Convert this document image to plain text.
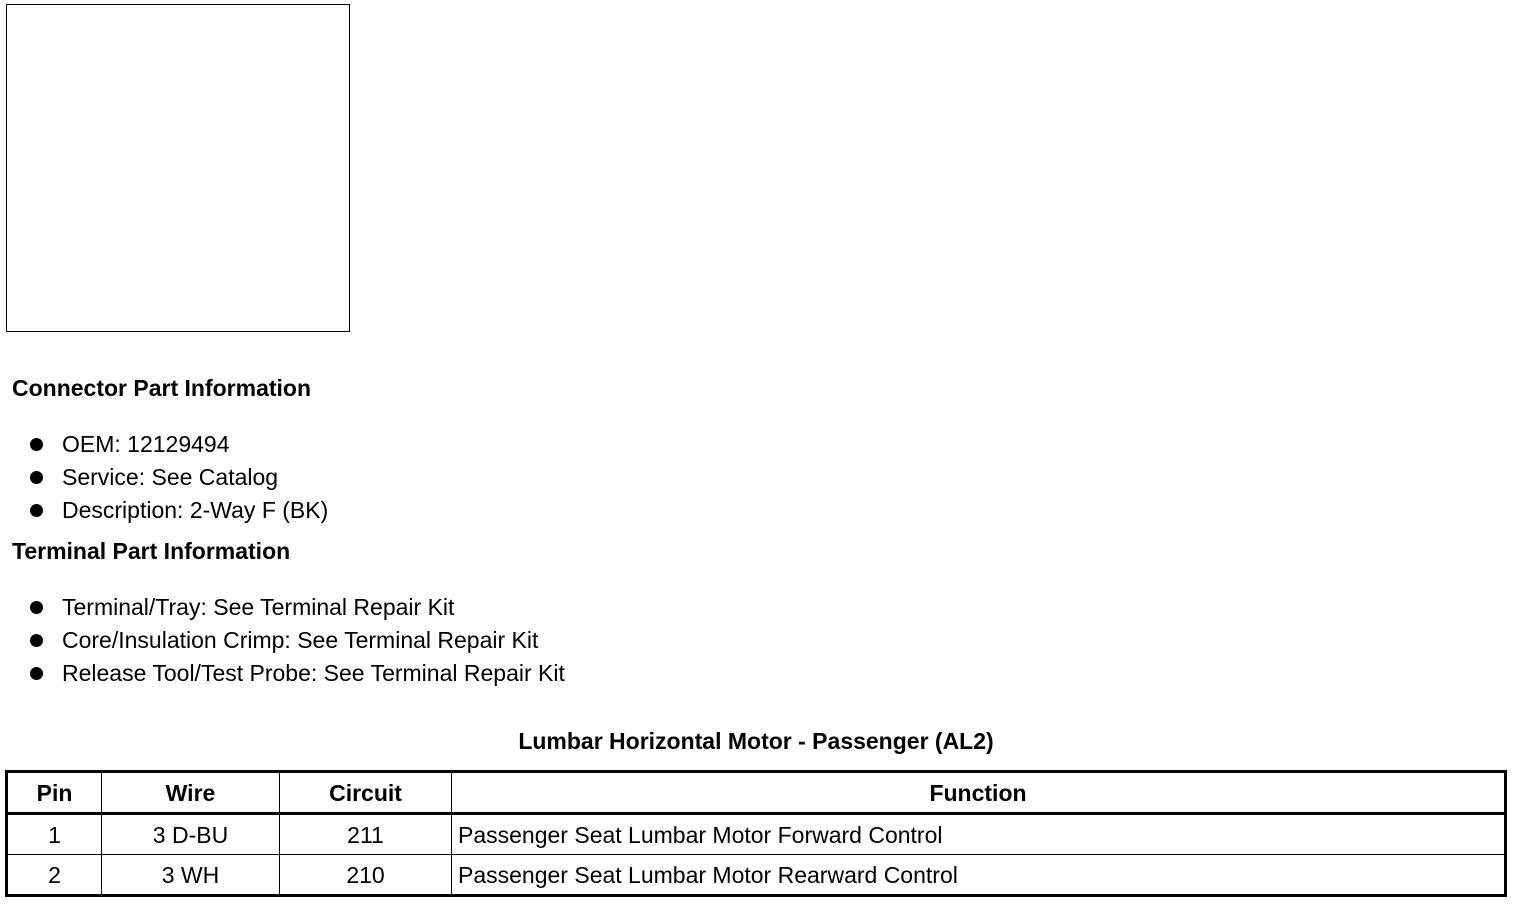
Connector Part Information
OEM: 12129494
Service: See Catalog
Description: 2-Way F (BK)
Terminal Part Information
Terminal/Tray: See Terminal Repair Kit
Core/Insulation Crimp: See Terminal Repair Kit
Release Tool/Test Probe: See Terminal Repair Kit
Lumbar Horizontal Motor - Passenger (AL2)
Pin	Wire	Circuit	Function
1	3 D-BU	211	Passenger Seat Lumbar Motor Forward Control
2	3 WH	210	Passenger Seat Lumbar Motor Rearward Control
